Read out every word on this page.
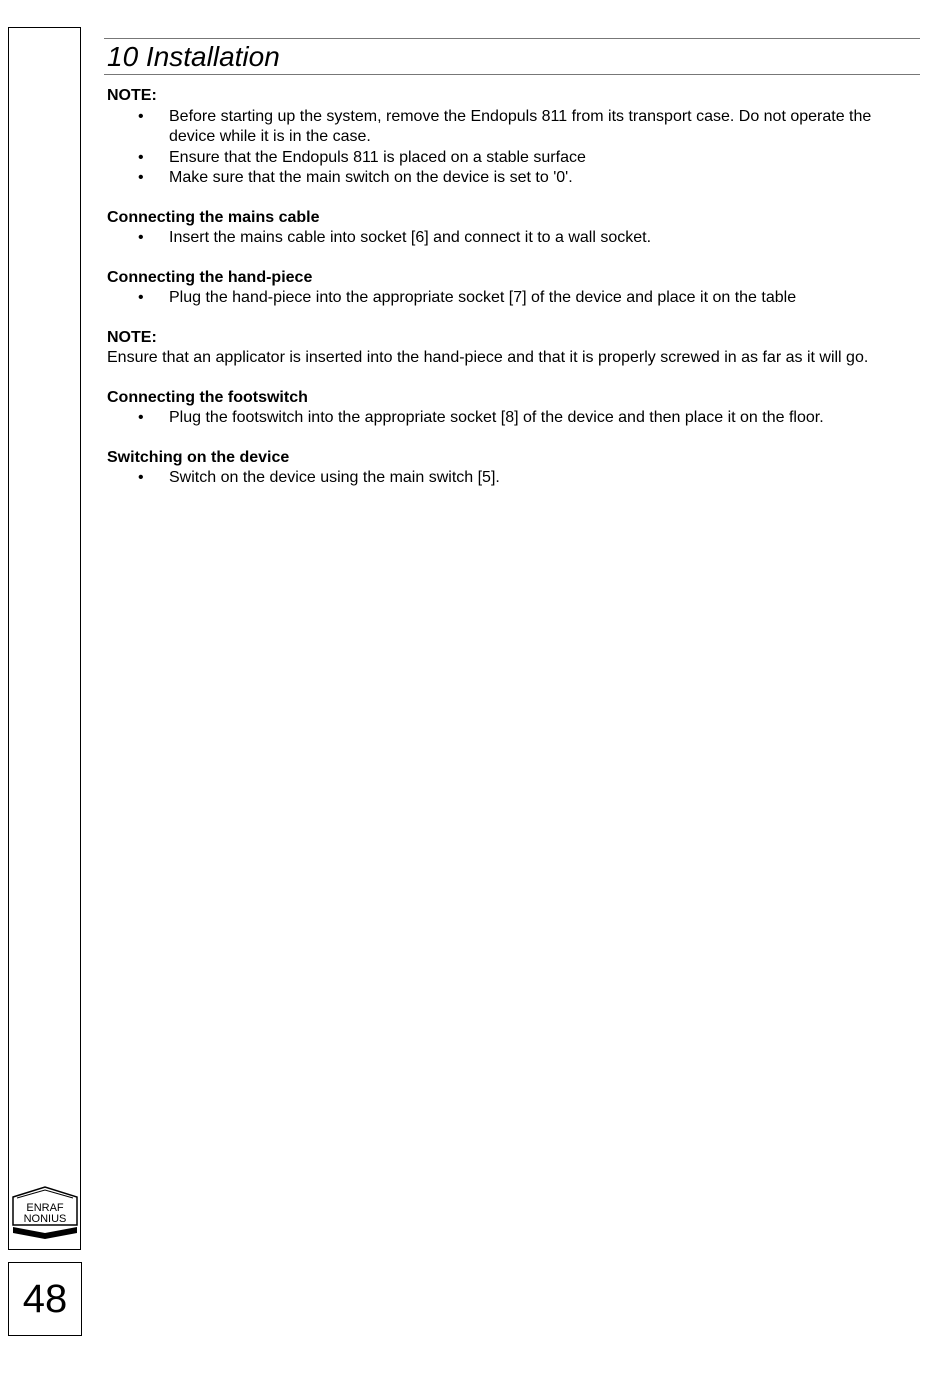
ENRAF
NONIUS
48
10 Installation

NOTE:

• Before starting up the system, remove the Endopuls 811 from its transport case. Do not operate the device while it is in the case.
• Ensure that the Endopuls 811 is placed on a stable surface
• Make sure that the main switch on the device is set to '0'.

Connecting the mains cable

• Insert the mains cable into socket [6] and connect it to a wall socket.

Connecting the hand-piece

• Plug the hand-piece into the appropriate socket [7] of the device and place it on the table

NOTE:

Ensure that an applicator is inserted into the hand-piece and that it is properly screwed in as far as it will go.

Connecting the footswitch

• Plug the footswitch into the appropriate socket [8] of the device and then place it on the floor.

Switching on the device

• Switch on the device using the main switch [5].
